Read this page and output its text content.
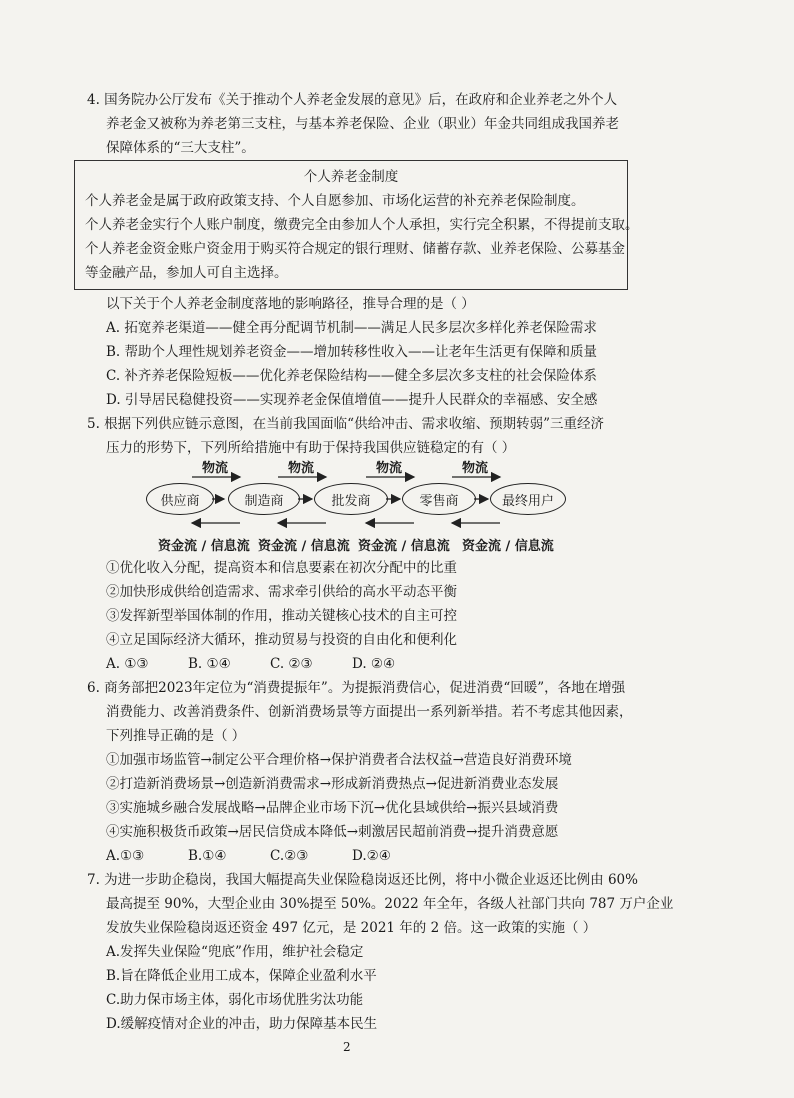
4. 国务院办公厅发布《关于推动个人养老金发展的意见》后，在政府和企业养老之外个人
养老金又被称为养老第三支柱，与基本养老保险、企业（职业）年金共同组成我国养老
保障体系的“三大支柱”。
个人养老金制度
个人养老金是属于政府政策支持、个人自愿参加、市场化运营的补充养老保险制度。
个人养老金实行个人账户制度，缴费完全由参加人个人承担，实行完全积累，不得提前支取。
个人养老金资金账户资金用于购买符合规定的银行理财、储蓄存款、业养老保险、公募基金
等金融产品，参加人可自主选择。
以下关于个人养老金制度落地的影响路径，推导合理的是（ ）
A. 拓宽养老渠道——健全再分配调节机制——满足人民多层次多样化养老保险需求
B. 帮助个人理性规划养老资金——增加转移性收入——让老年生活更有保障和质量
C. 补齐养老保险短板——优化养老保险结构——健全多层次多支柱的社会保险体系
D. 引导居民稳健投资——实现养老金保值增值——提升人民群众的幸福感、安全感
5. 根据下列供应链示意图，在当前我国面临“供给冲击、需求收缩、预期转弱”三重经济
压力的形势下，下列所给措施中有助于保持我国供应链稳定的有（ ）
物流	物流	物流	物流
供应商	制造商	批发商	零售商	最终用户
资金流 / 信息流 资金流 / 信息流 资金流 / 信息流 资金流 / 信息流
①优化收入分配，提高资本和信息要素在初次分配中的比重
②加快形成供给创造需求、需求牵引供给的高水平动态平衡
③发挥新型举国体制的作用，推动关键核心技术的自主可控
④立足国际经济大循环，推动贸易与投资的自由化和便利化
A. ①③	B. ①④	C. ②③	D. ②④
6. 商务部把2023年定位为“消费提振年”。为提振消费信心，促进消费“回暖”，各地在增强
消费能力、改善消费条件、创新消费场景等方面提出一系列新举措。若不考虑其他因素，
下列推导正确的是（ ）
①加强市场监管→制定公平合理价格→保护消费者合法权益→营造良好消费环境
②打造新消费场景→创造新消费需求→形成新消费热点→促进新消费业态发展
③实施城乡融合发展战略→品牌企业市场下沉→优化县域供给→振兴县域消费
④实施积极货币政策→居民信贷成本降低→刺激居民超前消费→提升消费意愿
A.①③	B.①④	C.②③	D.②④
7. 为进一步助企稳岗，我国大幅提高失业保险稳岗返还比例，将中小微企业返还比例由 60%
最高提至 90%，大型企业由 30%提至 50%。2022 年全年，各级人社部门共向 787 万户企业
发放失业保险稳岗返还资金 497 亿元，是 2021 年的 2 倍。这一政策的实施（ ）
A.发挥失业保险“兜底”作用，维护社会稳定
B.旨在降低企业用工成本，保障企业盈利水平
C.助力保市场主体，弱化市场优胜劣汰功能
D.缓解疫情对企业的冲击，助力保障基本民生
2
